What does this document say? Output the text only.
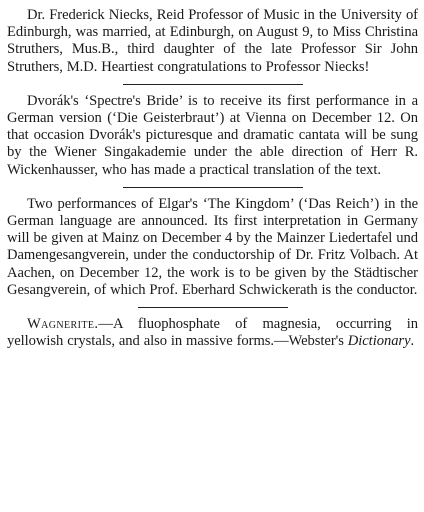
Dr. Frederick Niecks, Reid Professor of Music in the University of Edinburgh, was married, at Edinburgh, on August 9, to Miss Christina Struthers, Mus.B., third daughter of the late Professor Sir John Struthers, M.D. Heartiest congratulations to Professor Niecks!

Dvorák's ‘Spectre's Bride’ is to receive its first performance in a German version (‘Die Geisterbraut’) at Vienna on December 12. On that occasion Dvorák's picturesque and dramatic cantata will be sung by the Wiener Singakademie under the able direction of Herr R. Wickenhausser, who has made a practical translation of the text.

Two performances of Elgar's ‘The Kingdom’ (‘Das Reich’) in the German language are announced. Its first interpretation in Germany will be given at Mainz on December 4 by the Mainzer Liedertafel und Damengesangverein, under the conductorship of Dr. Fritz Volbach. At Aachen, on December 12, the work is to be given by the Städtischer Gesangverein, of which Prof. Eberhard Schwickerath is the conductor.

Wagnerite.—A fluophosphate of magnesia, occurring in yellowish crystals, and also in massive forms.—Webster's Dictionary.
